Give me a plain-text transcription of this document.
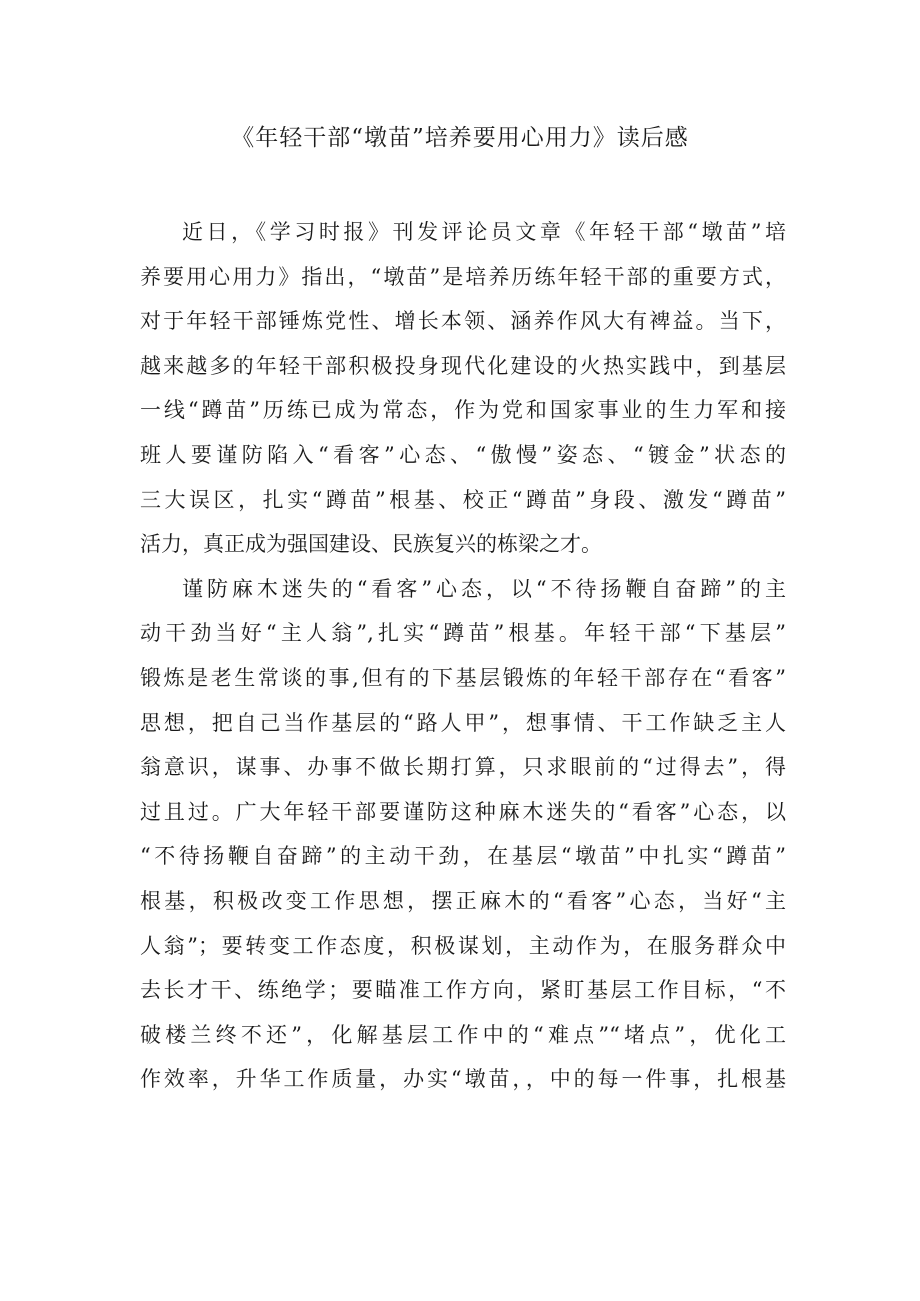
《年轻干部“墩苗”培养要用心用力》读后感
近日，《学习时报》刊发评论员文章《年轻干部“墩苗”培
养要用心用力》指出，“墩苗”是培养历练年轻干部的重要方式，
对于年轻干部锤炼党性、增长本领、涵养作风大有裨益。当下，
越来越多的年轻干部积极投身现代化建设的火热实践中，到基层
一线“蹲苗”历练已成为常态，作为党和国家事业的生力军和接
班人要谨防陷入“看客”心态、“傲慢”姿态、“镀金”状态的
三大误区，扎实“蹲苗”根基、校正“蹲苗”身段、激发“蹲苗”
活力，真正成为强国建设、民族复兴的栋梁之才。
谨防麻木迷失的“看客”心态，以“不待扬鞭自奋蹄”的主
动干劲当好“主人翁”,扎实“蹲苗”根基。年轻干部“下基层”
锻炼是老生常谈的事,但有的下基层锻炼的年轻干部存在“看客”
思想，把自己当作基层的“路人甲”，想事情、干工作缺乏主人
翁意识，谋事、办事不做长期打算，只求眼前的“过得去”，得
过且过。广大年轻干部要谨防这种麻木迷失的“看客”心态，以
“不待扬鞭自奋蹄”的主动干劲，在基层“墩苗”中扎实“蹲苗”
根基，积极改变工作思想，摆正麻木的“看客”心态，当好“主
人翁”；要转变工作态度，积极谋划，主动作为，在服务群众中
去长才干、练绝学；要瞄准工作方向，紧盯基层工作目标，“不
破楼兰终不还”，化解基层工作中的“难点”“堵点”，优化工
作效率，升华工作质量，办实“墩苗，，中的每一件事，扎根基
